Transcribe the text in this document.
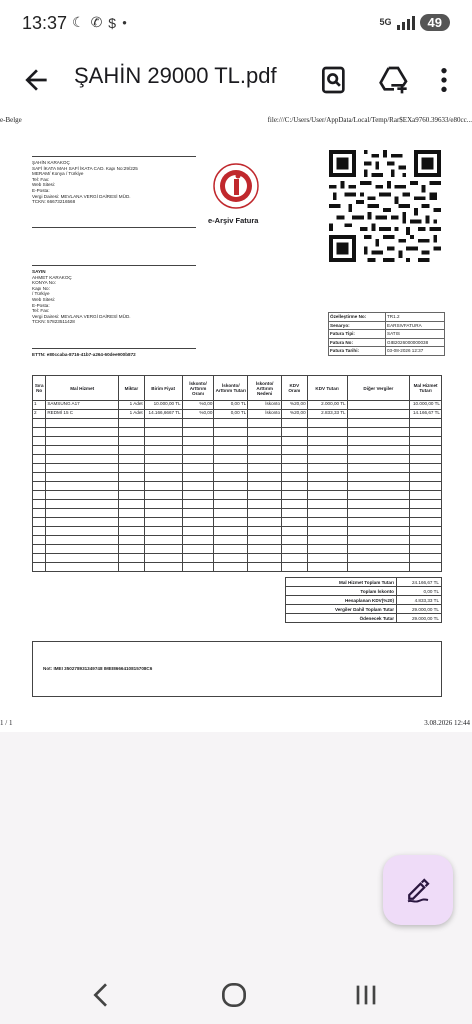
13:37 ☾ ✆ $ ●	5G	49
ŞAHİN 29000 TL.pdf
e-Belge	file:///C:/Users/User/AppData/Local/Temp/Rar$EXa9760.39633/e80cc...
ŞAHİN KARAKOÇ
SAFİ İKATA MAH SAFİ İKATA CAD. Kapı No:29/225
MERAM/ Konya / Türkiye
Tel: Fax:
Web Sitesi:
E-Posta:
Vergi Dairesi: MEVLANA VERGİ DAİRESİ MÜD.
TCKN: 66673216568
e-Arşiv Fatura
SAYIN
AHMET KARAKOÇ
KONYA No:
Kapı No:
/ Türkiye
Web Sitesi:
E-Posta:
Tel: Fax:
Vergi Dairesi: MEVLANA VERGİ DAİRESİ MÜD.
TCKN: 57823511428
ETTN: e80ccaba-8716-41b7-a264-60dee900b872
Özelleştirme No:	TR1.2
Senaryo:	EARSIVFATURA
Fatura Tipi:	SATIS
Fatura No:	GIB2026000000038
Fatura Tarihi:	03-08-2026 12:37
Sıra No	Mal Hizmet	Miktar	Birim Fiyat	İskonto/ Arttırım Oranı	İskonto/ Arttırım Tutarı	İskonto/ Arttırım Nedeni	KDV Oranı	KDV Tutarı	Diğer Vergiler	Mal Hizmet Tutarı
1	SAMSUNG A17	1 Adet	10.000,00 TL	%0,00	0,00 TL	İskonto	%20,00	2.000,00 TL		10.000,00 TL
2	REDMİ 15 C	1 Adet	14.166,6667 TL	%0,00	0,00 TL	İskonto	%20,00	2.833,33 TL		14.166,67 TL

Mal Hizmet Toplam Tutarı	24.166,67 TL
Toplam İskonto	0,00 TL
Hesaplanan KDV(%20)	4.833,33 TL
Vergiler Dahil Toplam Tutar	29.000,00 TL
Ödenecek Tutar	29.000,00 TL
Not: IMEI 350278931349748 IMEI8666410815708C6
1 / 1	3.08.2026 12:44
